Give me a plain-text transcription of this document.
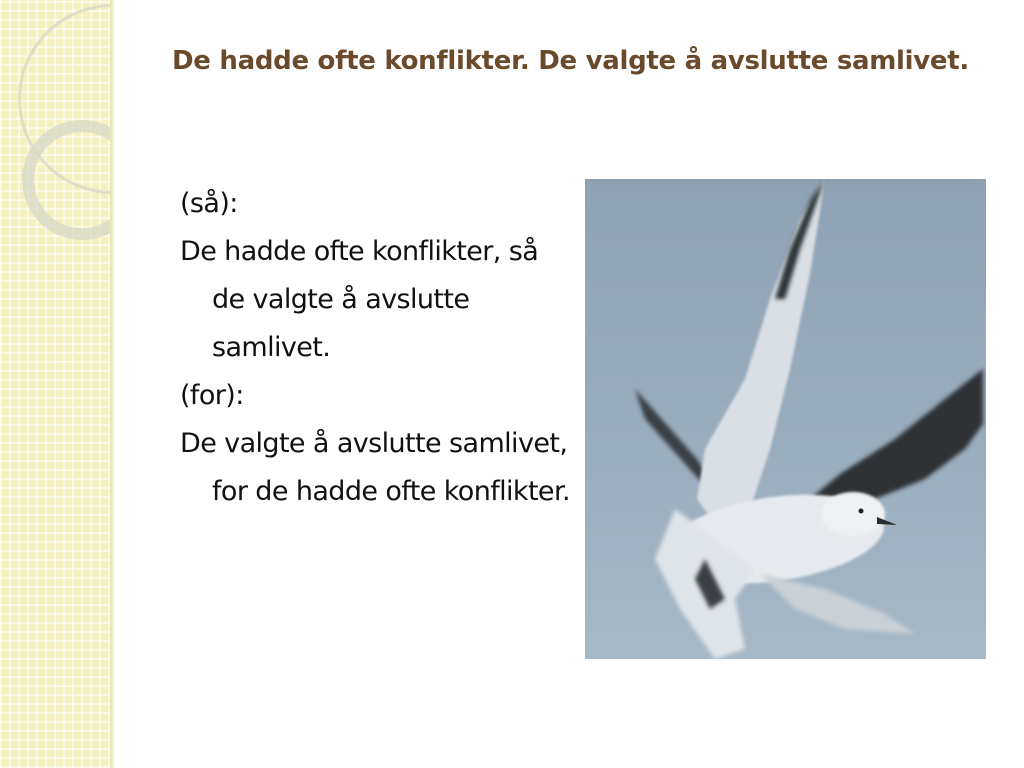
De hadde ofte konflikter. De valgte å avslutte samlivet.

(så):

De hadde ofte konflikter, så de valgte å avslutte samlivet.

(for):

De valgte å avslutte samlivet, for de hadde ofte konflikter.
